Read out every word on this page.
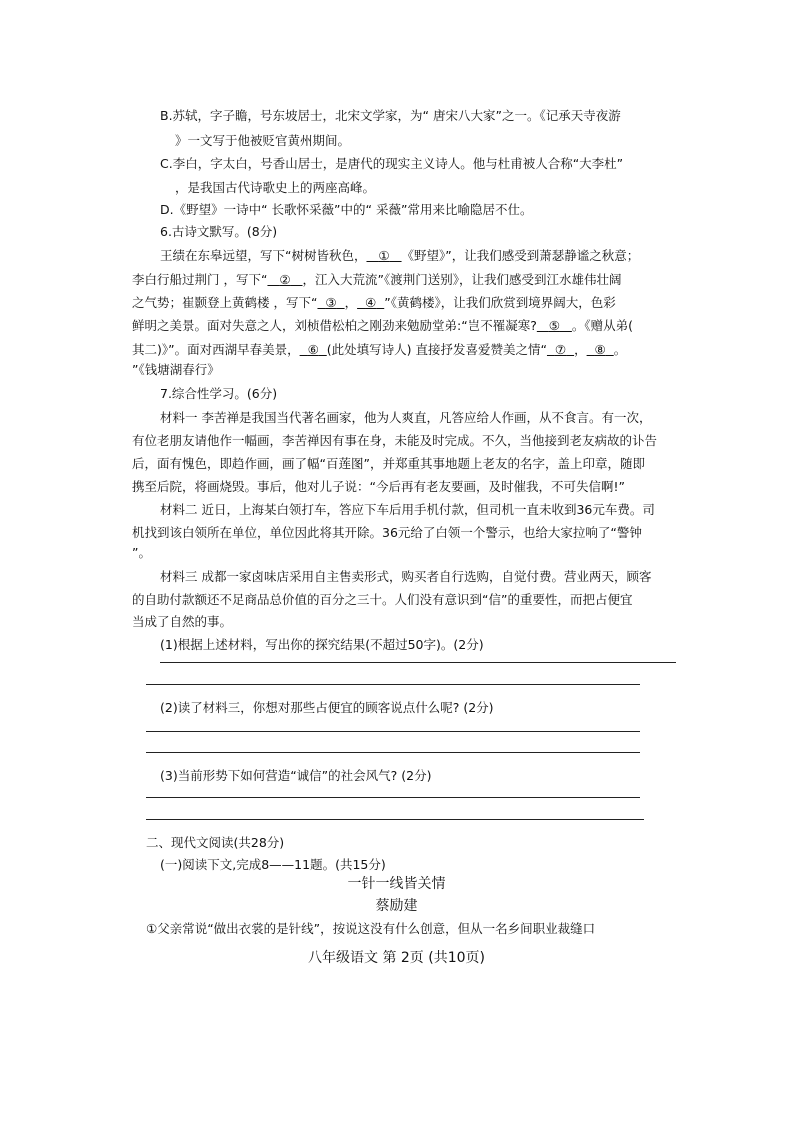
B.苏轼，字子瞻，号东坡居士，北宋文学家，为“ 唐宋八大家”之一。《记承天寺夜游
》一文写于他被贬官黄州期间。
C.李白，字太白，号香山居士，是唐代的现实主义诗人。他与杜甫被人合称“大李杜”
，是我国古代诗歌史上的两座高峰。
D.《野望》一诗中“ 长歌怀采薇”中的“ 采薇”常用来比喻隐居不仕。
6.古诗文默写。(8分)
王绩在东皋远望，写下“树树皆秋色， ① 《野望》”，让我们感受到萧瑟静谧之秋意；
李白行船过荆门 ，写下“ ② ，江入大荒流”《渡荆门送别》，让我们感受到江水雄伟壮阔
之气势；崔颢登上黄鹤楼 ，写下“ ③ ， ④ ”《黄鹤楼》，让我们欣赏到境界阔大，色彩
鲜明之美景。面对失意之人，刘桢借松柏之刚劲来勉励堂弟:“岂不罹凝寒? ⑤ 。《赠从弟(
其二)》”。面对西湖早春美景， ⑥ (此处填写诗人) 直接抒发喜爱赞美之情“ ⑦ ， ⑧ 。
”《钱塘湖春行》
7.综合性学习。(6分)
材料一 李苦禅是我国当代著名画家，他为人爽直，凡答应给人作画，从不食言。有一次，
有位老朋友请他作一幅画，李苦禅因有事在身，未能及时完成。不久，当他接到老友病故的讣告
后，面有愧色，即趋作画，画了幅“百莲图”，并郑重其事地题上老友的名字，盖上印章，随即
携至后院，将画烧毁。事后，他对儿子说：“今后再有老友要画，及时催我，不可失信啊!”
材料二 近日，上海某白领打车，答应下车后用手机付款，但司机一直未收到36元车费。司
机找到该白领所在单位，单位因此将其开除。36元给了白领一个警示，也给大家拉响了“警钟
”。
材料三 成都一家卤味店采用自主售卖形式，购买者自行选购，自觉付费。营业两天，顾客
的自助付款额还不足商品总价值的百分之三十。人们没有意识到“信”的重要性，而把占便宜
当成了自然的事。
(1)根据上述材料，写出你的探究结果(不超过50字)。(2分)
(2)读了材料三，你想对那些占便宜的顾客说点什么呢? (2分)
(3)当前形势下如何营造“诚信”的社会风气? (2分)
二、现代文阅读(共28分)
(一)阅读下文,完成8——11题。(共15分)
一针一线皆关情
蔡励建
①父亲常说“做出衣裳的是针线”，按说这没有什么创意，但从一名乡间职业裁缝口
八年级语文 第 2页 (共10页)
